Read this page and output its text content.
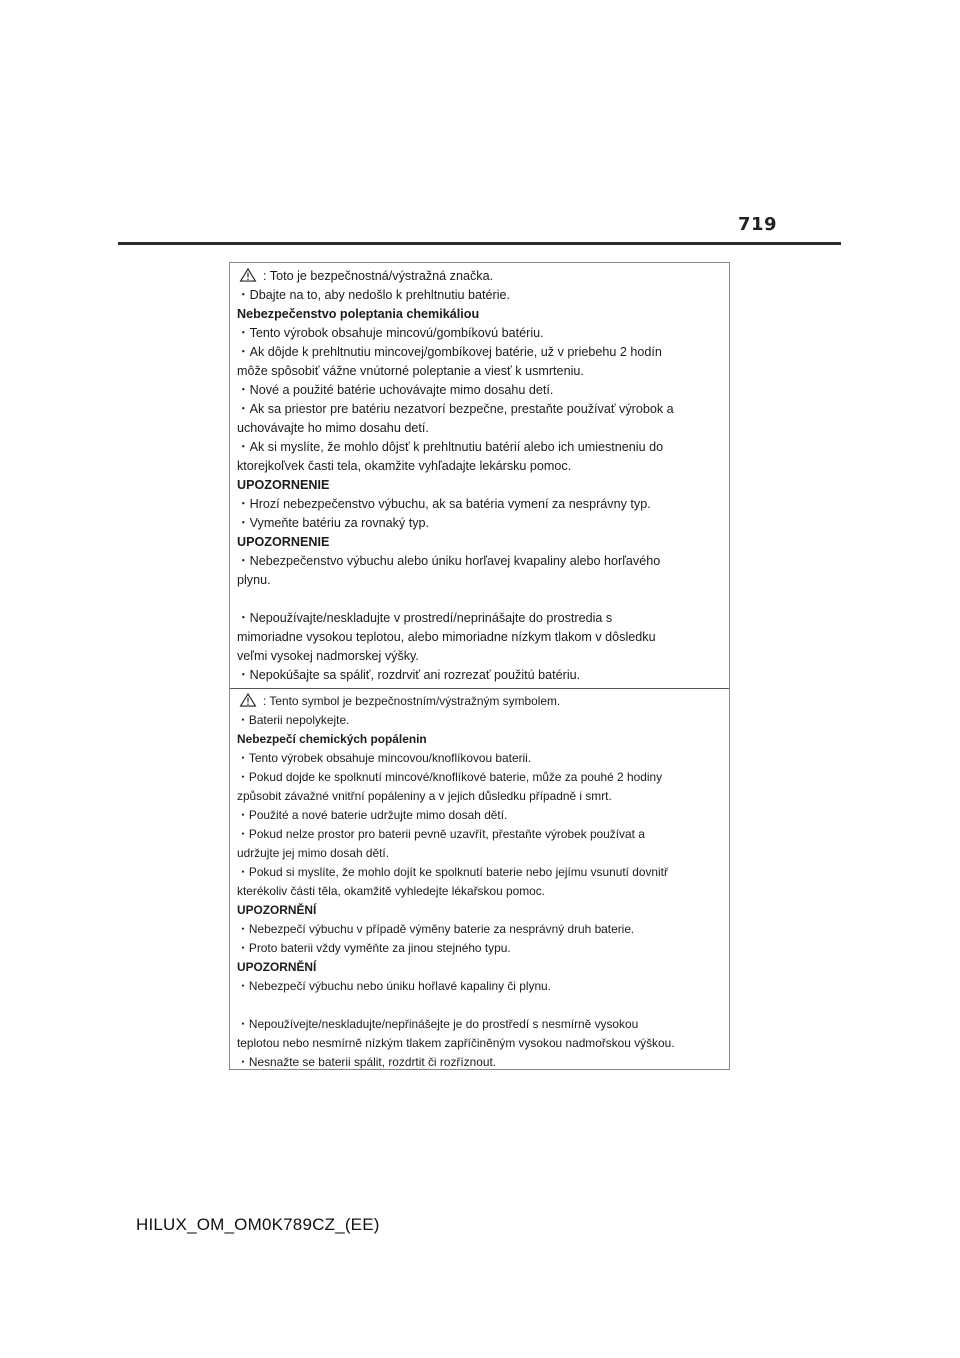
719
: Toto je bezpečnostná/výstražná značka.
・Dbajte na to, aby nedošlo k prehltnutiu batérie.
Nebezpečenstvo poleptania chemikáliou
・Tento výrobok obsahuje mincovú/gombíkovú batériu.
・Ak dôjde k prehltnutiu mincovej/gombíkovej batérie, už v priebehu 2 hodín
môže spôsobiť vážne vnútorné poleptanie a viesť k usmrteniu.
・Nové a použité batérie uchovávajte mimo dosahu detí.
・Ak sa priestor pre batériu nezatvorí bezpečne, prestaňte používať výrobok a
uchovávajte ho mimo dosahu detí.
・Ak si myslíte, že mohlo dôjsť k prehltnutiu batérií alebo ich umiestneniu do
ktorejkoľvek časti tela, okamžite vyhľadajte lekársku pomoc.
UPOZORNENIE
・Hrozí nebezpečenstvo výbuchu, ak sa batéria vymení za nesprávny typ.
・Vymeňte batériu za rovnaký typ.
UPOZORNENIE
・Nebezpečenstvo výbuchu alebo úniku horľavej kvapaliny alebo horľavého
plynu.
・Nepoužívajte/neskladujte v prostredí/neprinášajte do prostredia s
mimoriadne vysokou teplotou, alebo mimoriadne nízkym tlakom v dôsledku
veľmi vysokej nadmorskej výšky.
・Nepokúšajte sa spáliť, rozdrviť ani rozrezať použitú batériu.
: Tento symbol je bezpečnostním/výstražným symbolem.
・Baterii nepolykejte.
Nebezpečí chemických popálenin
・Tento výrobek obsahuje mincovou/knoflíkovou baterii.
・Pokud dojde ke spolknutí mincové/knoflíkové baterie, může za pouhé 2 hodiny
způsobit závažné vnitřní popáleniny a v jejich důsledku případně i smrt.
・Použité a nové baterie udržujte mimo dosah dětí.
・Pokud nelze prostor pro baterii pevně uzavřít, přestaňte výrobek používat a
udržujte jej mimo dosah dětí.
・Pokud si myslíte, že mohlo dojít ke spolknutí baterie nebo jejímu vsunutí dovnitř
kterékoliv části těla, okamžitě vyhledejte lékařskou pomoc.
UPOZORNĚNÍ
・Nebezpečí výbuchu v případě výměny baterie za nesprávný druh baterie.
・Proto baterii vždy vyměňte za jinou stejného typu.
UPOZORNĚNÍ
・Nebezpečí výbuchu nebo úniku hořlavé kapaliny či plynu.
・Nepoužívejte/neskladujte/nepřinášejte je do prostředí s nesmírně vysokou
teplotou nebo nesmírně nízkým tlakem zapříčiněným vysokou nadmořskou výškou.
・Nesnažte se baterii spálit, rozdrtit či rozříznout.
HILUX_OM_OM0K789CZ_(EE)
